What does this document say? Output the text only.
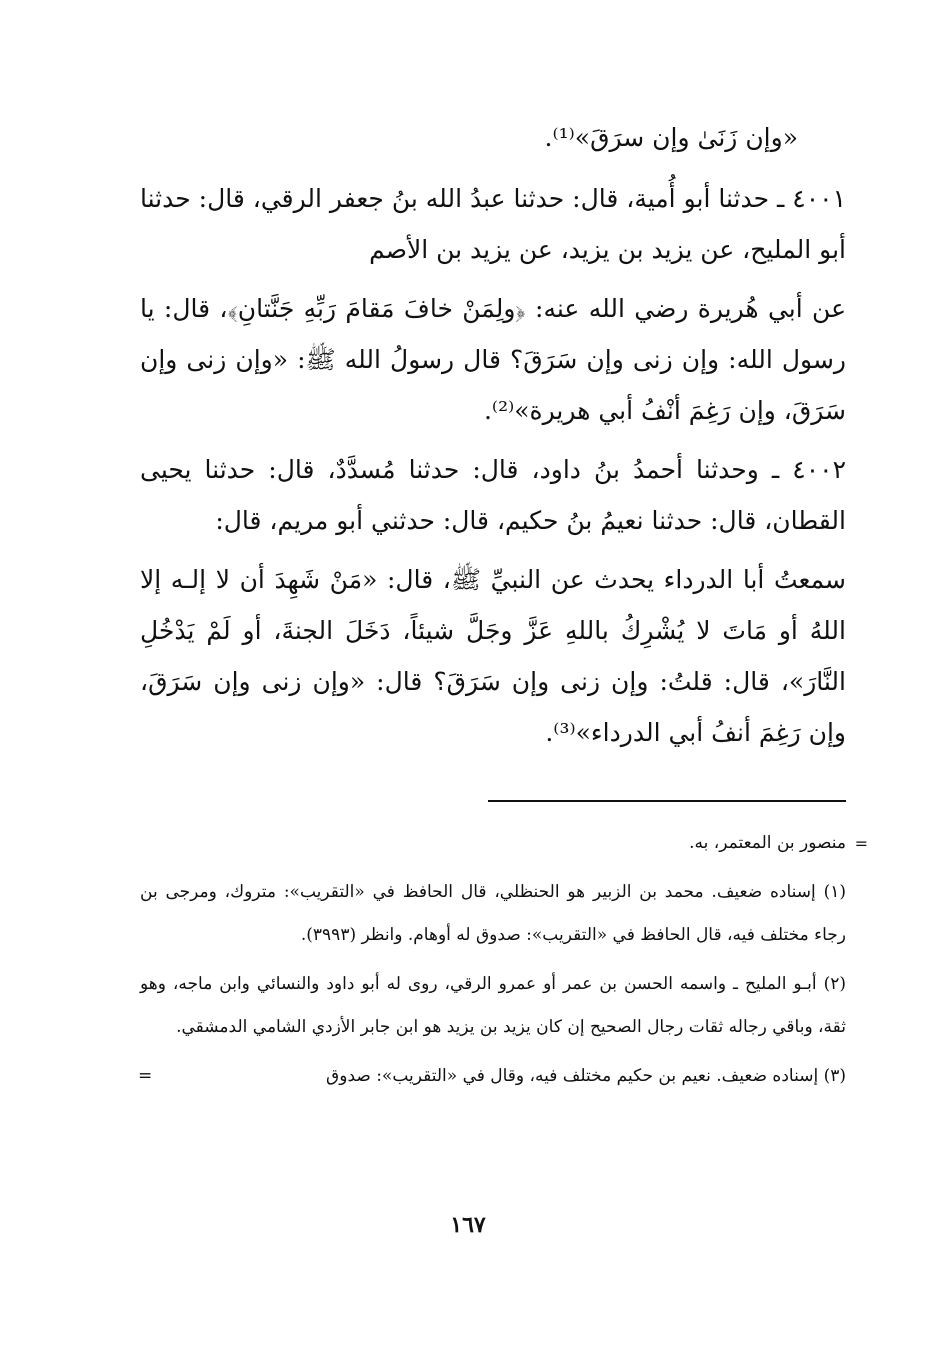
«وإن زَنَىٰ وإن سرَقَ»⁽¹⁾.

٤٠٠١ ـ حدثنا أبو أُمية، قال: حدثنا عبدُ الله بنُ جعفر الرقي، قال: حدثنا أبو المليح، عن يزيد بن يزيد، عن يزيد بن الأصم

عن أبي هُريرة رضي الله عنه: ﴿ولِمَنْ خافَ مَقامَ رَبِّهِ جَنَّتانِ﴾، قال: يا رسول الله: وإن زنى وإن سَرَقَ؟ قال رسولُ الله ﷺ: «وإن زنى وإن سَرَقَ، وإن رَغِمَ أنْفُ أبي هريرة»⁽²⁾.

٤٠٠٢ ـ وحدثنا أحمدُ بنُ داود، قال: حدثنا مُسدَّدٌ، قال: حدثنا يحيى القطان، قال: حدثنا نعيمُ بنُ حكيم، قال: حدثني أبو مريم، قال:

سمعتُ أبا الدرداء يحدث عن النبيِّ ﷺ، قال: «مَنْ شَهِدَ أن لا إلـه إلا اللهُ أو مَاتَ لا يُشْرِكُ باللهِ عَزَّ وجَلَّ شيئاً، دَخَلَ الجنةَ، أو لَمْ يَدْخُلِ النَّارَ»، قال: قلتُ: وإن زنى وإن سَرَقَ؟ قال: «وإن زنى وإن سَرَقَ، وإن رَغِمَ أنفُ أبي الدرداء»⁽³⁾.

=
منصور بن المعتمر، به.

(١) إسناده ضعيف. محمد بن الزبير هو الحنظلي، قال الحافظ في «التقريب»: متروك، ومرجى بن رجاء مختلف فيه، قال الحافظ في «التقريب»: صدوق له أوهام. وانظر (٣٩٩٣).

(٢) أبـو المليح ـ واسمه الحسن بن عمر أو عمرو الرقي، روى له أبو داود والنسائي وابن ماجه، وهو ثقة، وباقي رجاله ثقات رجال الصحيح إن كان يزيد بن يزيد هو ابن جابر الأزدي الشامي الدمشقي.

(٣) إسناده ضعيف. نعيم بن حكيم مختلف فيه، وقال في «التقريب»: صدوق
=

١٦٧
